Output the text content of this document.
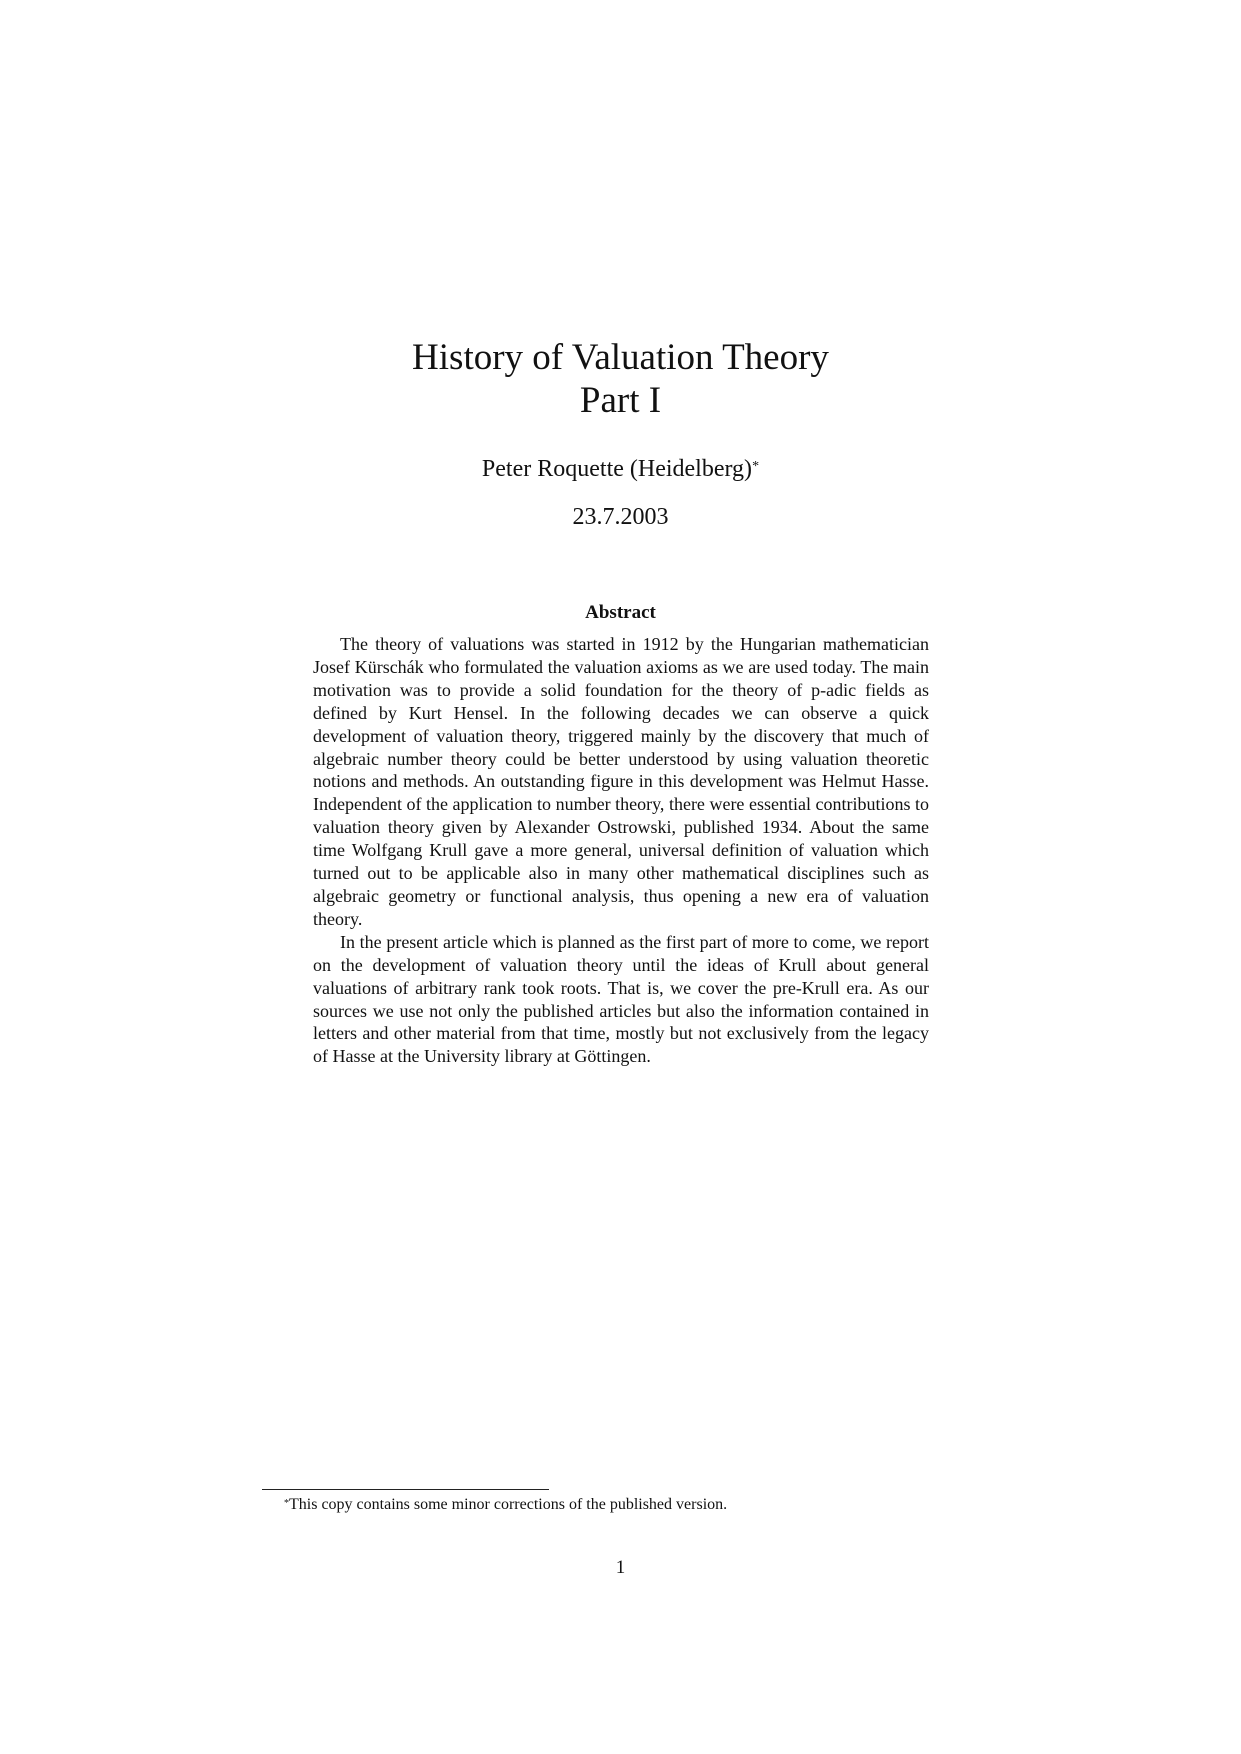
History of Valuation Theory
Part I
Peter Roquette (Heidelberg)*
23.7.2003
Abstract

The theory of valuations was started in 1912 by the Hungarian mathematician Josef Kürschák who formulated the valuation axioms as we are used today. The main motivation was to provide a solid foundation for the theory of p-adic fields as defined by Kurt Hensel. In the following decades we can observe a quick development of valuation theory, triggered mainly by the discovery that much of algebraic number theory could be better understood by using valuation theoretic notions and methods. An outstanding figure in this development was Helmut Hasse. Independent of the application to number theory, there were essential contributions to valuation theory given by Alexander Ostrowski, published 1934. About the same time Wolfgang Krull gave a more general, universal definition of valuation which turned out to be applicable also in many other mathematical disciplines such as algebraic geometry or functional analysis, thus opening a new era of valuation theory.

In the present article which is planned as the first part of more to come, we report on the development of valuation theory until the ideas of Krull about general valuations of arbitrary rank took roots. That is, we cover the pre-Krull era. As our sources we use not only the published articles but also the information contained in letters and other material from that time, mostly but not exclusively from the legacy of Hasse at the University library at Göttingen.

*This copy contains some minor corrections of the published version.
1
